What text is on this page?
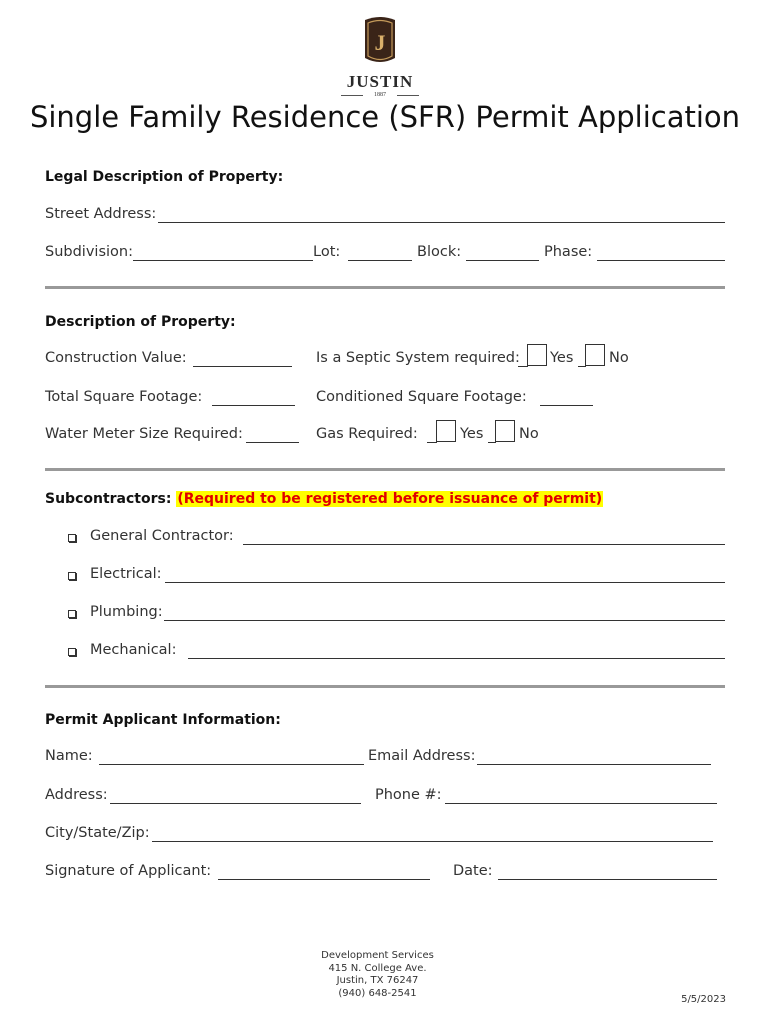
J
JUSTIN
1887
Single Family Residence (SFR) Permit Application
Legal Description of Property:
Street Address:
Subdivision:	Lot:	Block:	Phase:
Description of Property:
Construction Value:	Is a Septic System required: Yes No
Total Square Footage:	Conditioned Square Footage:
Water Meter Size Required:	Gas Required:	Yes No
Subcontractors: (Required to be registered before issuance of permit)
General Contractor:
Electrical:
Plumbing:
Mechanical:
Permit Applicant Information:
Name:	Email Address:
Address:	Phone #:
City/State/Zip:
Signature of Applicant:	Date:
Development Services
415 N. College Ave.
Justin, TX 76247
(940) 648-2541
5/5/2023
